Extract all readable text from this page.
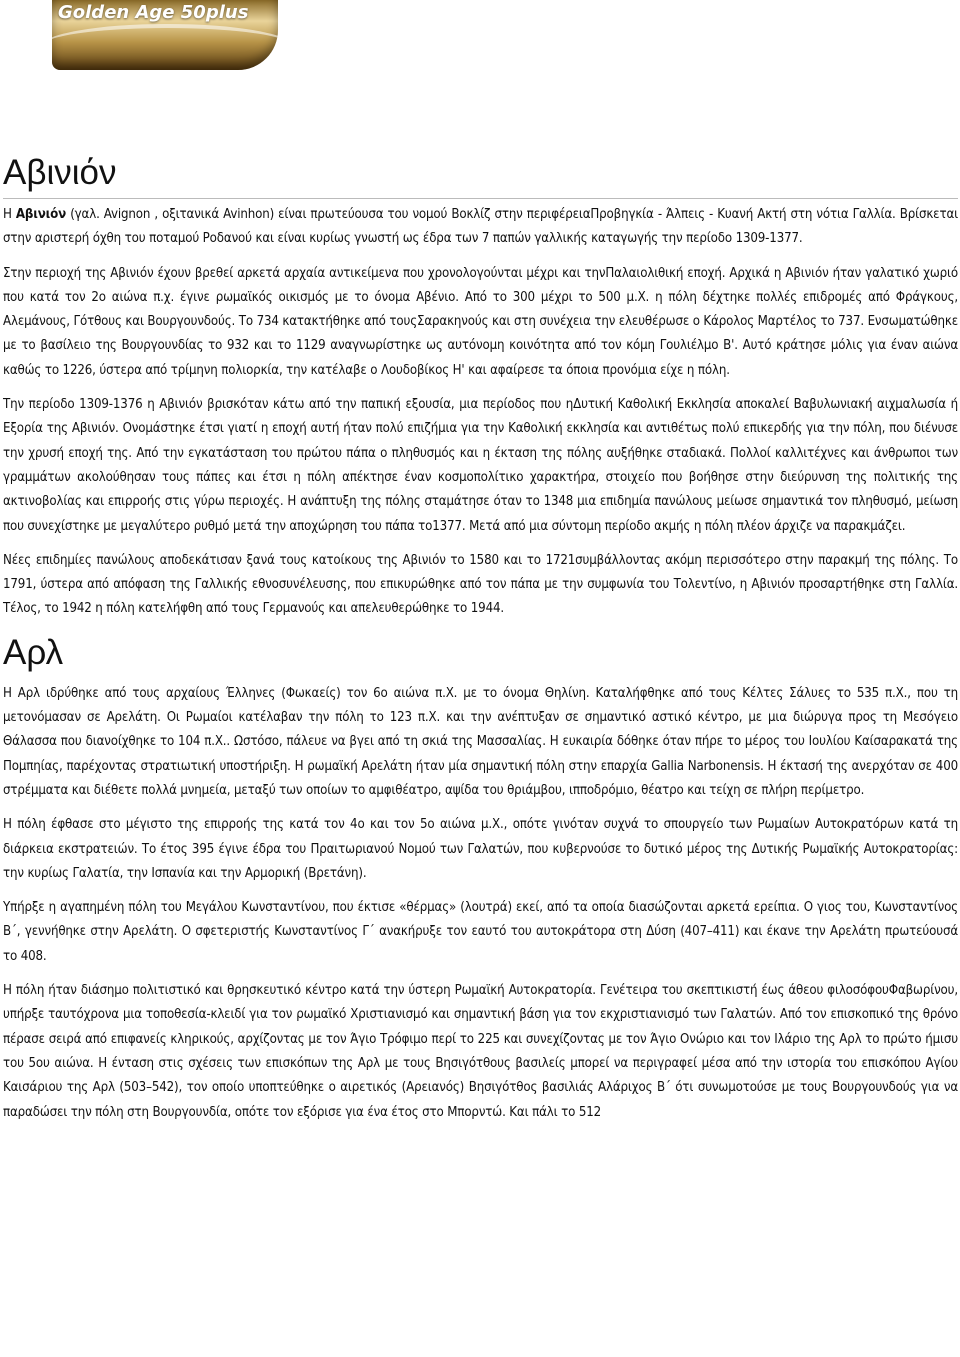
Golden Age 50plus
Αβινιόν

Η Αβινιόν (γαλ. Avignon , οξιτανικά Avinhon) είναι πρωτεύουσα του νομού Βοκλίζ στην περιφέρειαΠροβηγκία - Άλπεις - Κυανή Ακτή στη νότια Γαλλία. Βρίσκεται στην αριστερή όχθη του ποταμού Ροδανού και είναι κυρίως γνωστή ως έδρα των 7 παπών γαλλικής καταγωγής την περίοδο 1309-1377.

Στην περιοχή της Αβινιόν έχουν βρεθεί αρκετά αρχαία αντικείμενα που χρονολογούνται μέχρι και τηνΠαλαιολιθική εποχή. Αρχικά η Αβινιόν ήταν γαλατικό χωριό που κατά τον 2ο αιώνα π.χ. έγινε ρωμαϊκός οικισμός με το όνομα Αβένιο. Από το 300 μέχρι το 500 μ.Χ. η πόλη δέχτηκε πολλές επιδρομές από Φράγκους, Αλεμάνους, Γότθους και Βουργουνδούς. Το 734 κατακτήθηκε από τουςΣαρακηνούς και στη συνέχεια την ελευθέρωσε ο Κάρολος Μαρτέλος το 737. Ενσωματώθηκε με το βασίλειο της Βουργουνδίας το 932 και το 1129 αναγνωρίστηκε ως αυτόνομη κοινότητα από τον κόμη Γουλιέλμο Β'. Αυτό κράτησε μόλις για έναν αιώνα καθώς το 1226, ύστερα από τρίμηνη πολιορκία, την κατέλαβε ο Λουδοβίκος Η' και αφαίρεσε τα όποια προνόμια είχε η πόλη.

Την περίοδο 1309-1376 η Αβινιόν βρισκόταν κάτω από την παπική εξουσία, μια περίοδος που ηΔυτική Καθολική Εκκλησία αποκαλεί Βαβυλωνιακή αιχμαλωσία ή Εξορία της Αβινιόν. Ονομάστηκε έτσι γιατί η εποχή αυτή ήταν πολύ επιζήμια για την Καθολική εκκλησία και αντιθέτως πολύ επικερδής για την πόλη, που διένυσε την χρυσή εποχή της. Από την εγκατάσταση του πρώτου πάπα ο πληθυσμός και η έκταση της πόλης αυξήθηκε σταδιακά. Πολλοί καλλιτέχνες και άνθρωποι των γραμμάτων ακολούθησαν τους πάπες και έτσι η πόλη απέκτησε έναν κοσμοπολίτικο χαρακτήρα, στοιχείο που βοήθησε στην διεύρυνση της πολιτικής της ακτινοβολίας και επιρροής στις γύρω περιοχές. Η ανάπτυξη της πόλης σταμάτησε όταν το 1348 μια επιδημία πανώλους μείωσε σημαντικά τον πληθυσμό, μείωση που συνεχίστηκε με μεγαλύτερο ρυθμό μετά την αποχώρηση του πάπα το1377. Μετά από μια σύντομη περίοδο ακμής η πόλη πλέον άρχιζε να παρακμάζει.

Νέες επιδημίες πανώλους αποδεκάτισαν ξανά τους κατοίκους της Αβινιόν το 1580 και το 1721συμβάλλοντας ακόμη περισσότερο στην παρακμή της πόλης. Το 1791, ύστερα από απόφαση της Γαλλικής εθνοσυνέλευσης, που επικυρώθηκε από τον πάπα με την συμφωνία του Τολεντίνο, η Αβινιόν προσαρτήθηκε στη Γαλλία. Τέλος, το 1942 η πόλη κατελήφθη από τους Γερμανούς και απελευθερώθηκε το 1944.

Αρλ

Η Αρλ ιδρύθηκε από τους αρχαίους Έλληνες (Φωκαείς) τον 6ο αιώνα π.Χ. με το όνομα Θηλίνη. Καταλήφθηκε από τους Κέλτες Σάλυες το 535 π.Χ., που τη μετονόμασαν σε Αρελάτη. Οι Ρωμαίοι κατέλαβαν την πόλη το 123 π.Χ. και την ανέπτυξαν σε σημαντικό αστικό κέντρο, με μια διώρυγα προς τη Μεσόγειο Θάλασσα που διανοίχθηκε το 104 π.Χ.. Ωστόσο, πάλευε να βγει από τη σκιά της Μασσαλίας. Η ευκαιρία δόθηκε όταν πήρε το μέρος του Ιουλίου Καίσαρακατά της Πομπηίας, παρέχοντας στρατιωτική υποστήριξη. Η ρωμαϊκή Αρελάτη ήταν μία σημαντική πόλη στην επαρχία Gallia Narbonensis. Η έκτασή της ανερχόταν σε 400 στρέμματα και διέθετε πολλά μνημεία, μεταξύ των οποίων το αμφιθέατρο, αψίδα του θριάμβου, ιπποδρόμιο, θέατρο και τείχη σε πλήρη περίμετρο.

Η πόλη έφθασε στο μέγιστο της επιρροής της κατά τον 4ο και τον 5ο αιώνα μ.Χ., οπότε γινόταν συχνά το σπουργείο των Ρωμαίων Αυτοκρατόρων κατά τη διάρκεια εκστρατειών. Το έτος 395 έγινε έδρα του Πραιτωριανού Νομού των Γαλατών, που κυβερνούσε το δυτικό μέρος της Δυτικής Ρωμαϊκής Αυτοκρατορίας: την κυρίως Γαλατία, την Ισπανία και την Αρμορική (Βρετάνη).

Υπήρξε η αγαπημένη πόλη του Μεγάλου Κωνσταντίνου, που έκτισε «θέρμας» (λουτρά) εκεί, από τα οποία διασώζονται αρκετά ερείπια. Ο γιος του, Κωνσταντίνος Β΄, γεννήθηκε στην Αρελάτη. Ο σφετεριστής Κωνσταντίνος Γ΄ ανακήρυξε τον εαυτό του αυτοκράτορα στη Δύση (407–411) και έκανε την Αρελάτη πρωτεύουσά το 408.

Η πόλη ήταν διάσημο πολιτιστικό και θρησκευτικό κέντρο κατά την ύστερη Ρωμαϊκή Αυτοκρατορία. Γενέτειρα του σκεπτικιστή έως άθεου φιλοσόφουΦαβωρίνου, υπήρξε ταυτόχρονα μια τοποθεσία-κλειδί για τον ρωμαϊκό Χριστιανισμό και σημαντική βάση για τον εκχριστιανισμό των Γαλατών. Από τον επισκοπικό της θρόνο πέρασε σειρά από επιφανείς κληρικούς, αρχίζοντας με τον Άγιο Τρόφιμο περί το 225 και συνεχίζοντας με τον Άγιο Ονώριο και τον Ιλάριο της Αρλ το πρώτο ήμισυ του 5ου αιώνα. Η ένταση στις σχέσεις των επισκόπων της Αρλ με τους Βησιγότθους βασιλείς μπορεί να περιγραφεί μέσα από την ιστορία του επισκόπου Αγίου Καισάριου της Αρλ (503–542), τον οποίο υποπτεύθηκε ο αιρετικός (Αρειανός) Βησιγότθος βασιλιάς Αλάριχος Β΄ ότι συνωμοτούσε με τους Βουργουνδούς για να παραδώσει την πόλη στη Βουργουνδία, οπότε τον εξόρισε για ένα έτος στο Μπορντώ. Και πάλι το 512
